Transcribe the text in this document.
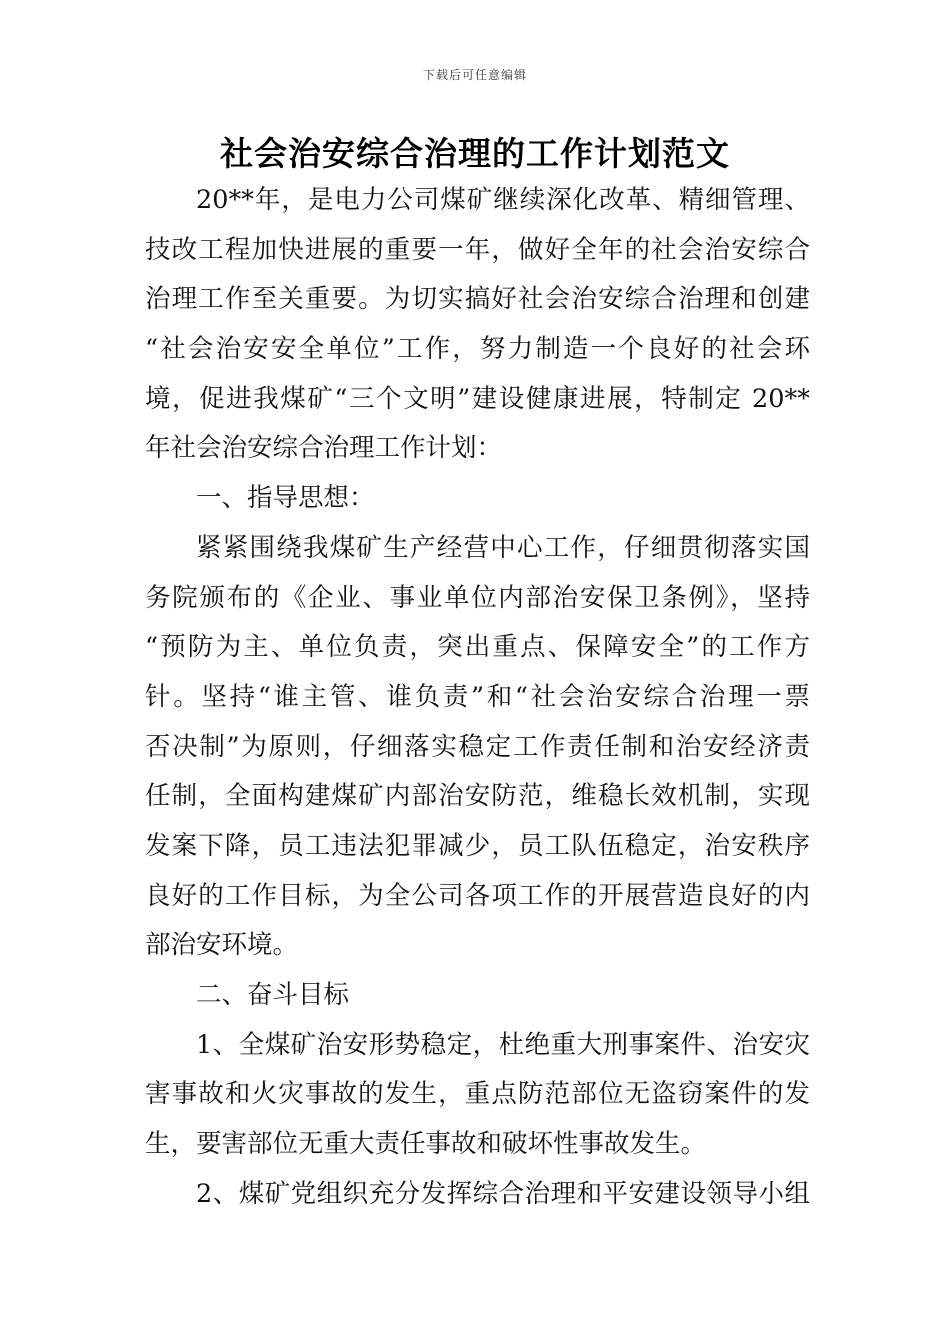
下载后可任意编辑
社会治安综合治理的工作计划范文
20**年，是电力公司煤矿继续深化改革、精细管理、
技改工程加快进展的重要一年，做好全年的社会治安综合
治理工作至关重要。为切实搞好社会治安综合治理和创建
“社会治安安全单位”工作，努力制造一个良好的社会环
境，促进我煤矿“三个文明”建设健康进展，特制定 20**
年社会治安综合治理工作计划：
一、指导思想：
紧紧围绕我煤矿生产经营中心工作，仔细贯彻落实国
务院颁布的《企业、事业单位内部治安保卫条例》，坚持
“预防为主、单位负责，突出重点、保障安全”的工作方
针。坚持“谁主管、谁负责”和“社会治安综合治理一票
否决制”为原则，仔细落实稳定工作责任制和治安经济责
任制，全面构建煤矿内部治安防范，维稳长效机制，实现
发案下降，员工违法犯罪减少，员工队伍稳定，治安秩序
良好的工作目标，为全公司各项工作的开展营造良好的内
部治安环境。
二、奋斗目标
1、全煤矿治安形势稳定，杜绝重大刑事案件、治安灾
害事故和火灾事故的发生，重点防范部位无盗窃案件的发
生，要害部位无重大责任事故和破坏性事故发生。
2、煤矿党组织充分发挥综合治理和平安建设领导小组
